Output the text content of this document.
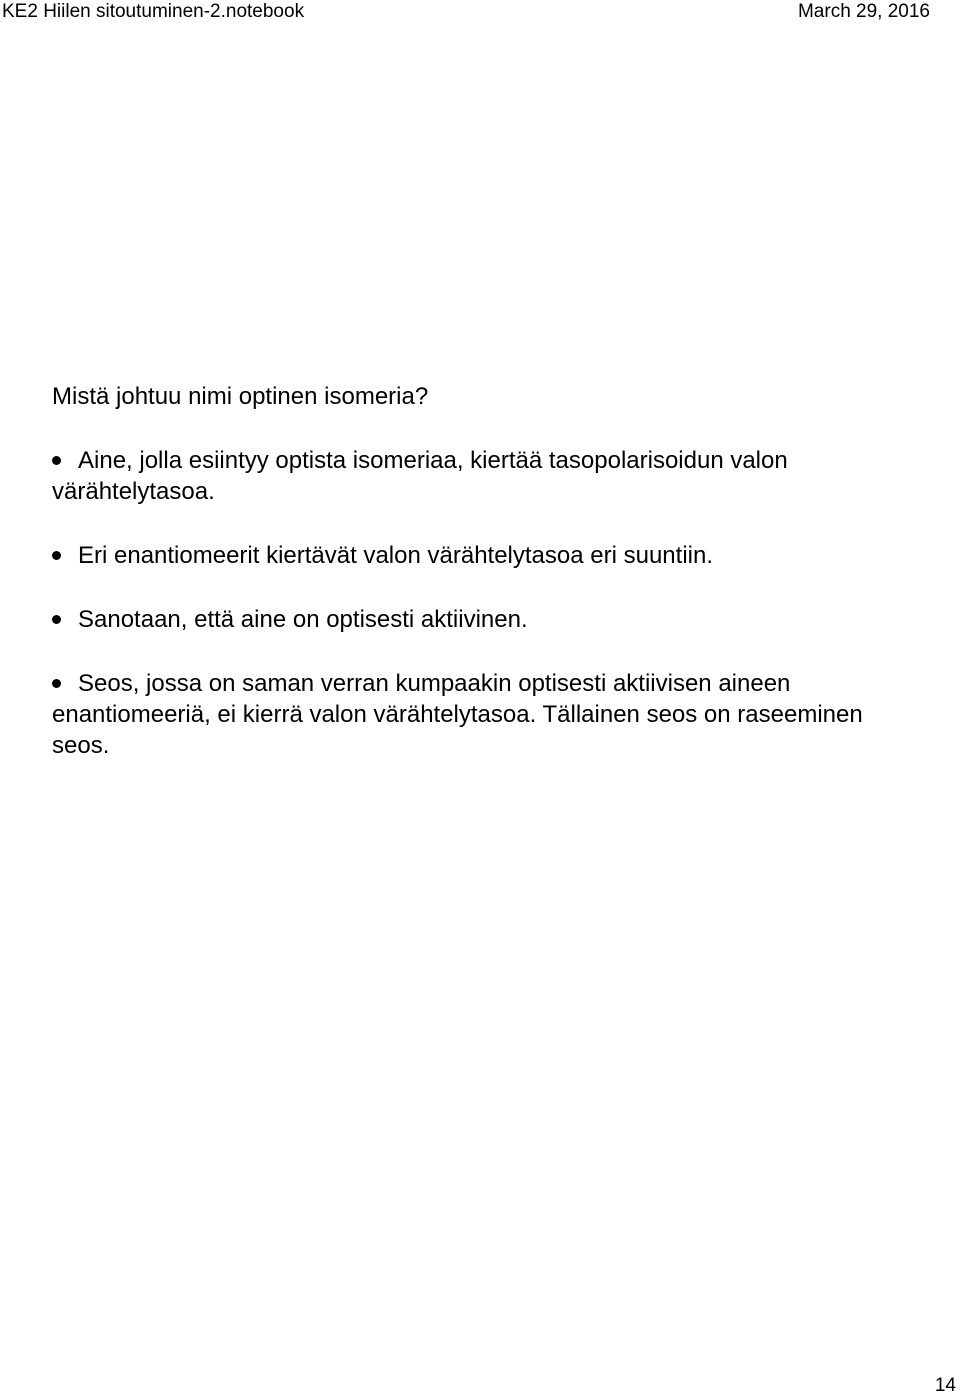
KE2 Hiilen sitoutuminen-2.notebook	March 29, 2016
Mistä johtuu nimi optinen isomeria?
Aine, jolla esiintyy optista isomeriaa, kiertää tasopolarisoidun valon värähtelytasoa.
Eri enantiomeerit kiertävät valon värähtelytasoa eri suuntiin.
Sanotaan, että aine on optisesti aktiivinen.
Seos, jossa on saman verran kumpaakin optisesti aktiivisen aineen enantiomeeriä, ei kierrä valon värähtelytasoa. Tällainen seos on raseeminen seos.
14
